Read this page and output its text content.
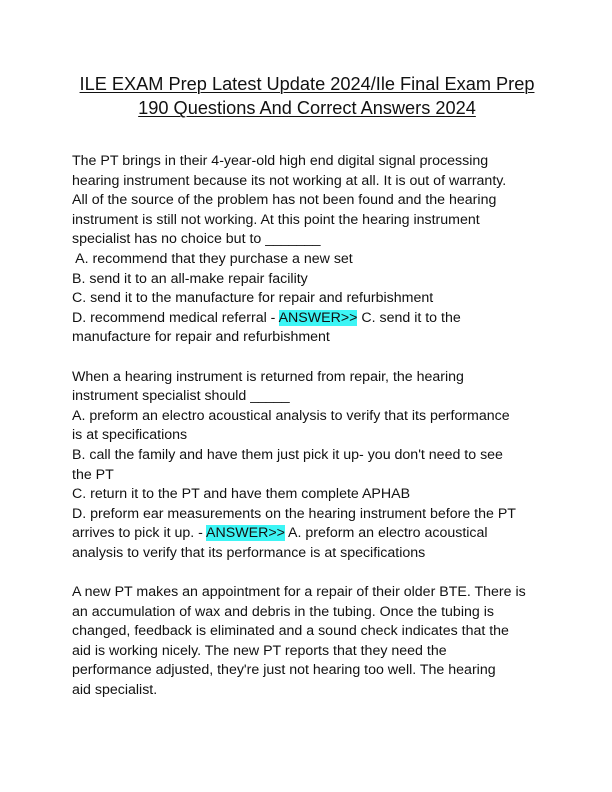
ILE EXAM Prep Latest Update 2024/Ile Final Exam Prep
190 Questions And Correct Answers 2024
The PT brings in their 4-year-old high end digital signal processing
hearing instrument because its not working at all. It is out of warranty.
All of the source of the problem has not been found and the hearing
instrument is still not working. At this point the hearing instrument
specialist has no choice but to _______
A. recommend that they purchase a new set
B. send it to an all-make repair facility
C. send it to the manufacture for repair and refurbishment
D. recommend medical referral - ANSWER>> C. send it to the
manufacture for repair and refurbishment
When a hearing instrument is returned from repair, the hearing
instrument specialist should _____
A. preform an electro acoustical analysis to verify that its performance
is at specifications
B. call the family and have them just pick it up- you don't need to see
the PT
C. return it to the PT and have them complete APHAB
D. preform ear measurements on the hearing instrument before the PT
arrives to pick it up. - ANSWER>> A. preform an electro acoustical
analysis to verify that its performance is at specifications
A new PT makes an appointment for a repair of their older BTE. There is
an accumulation of wax and debris in the tubing. Once the tubing is
changed, feedback is eliminated and a sound check indicates that the
aid is working nicely. The new PT reports that they need the
performance adjusted, they're just not hearing too well. The hearing
aid specialist.
